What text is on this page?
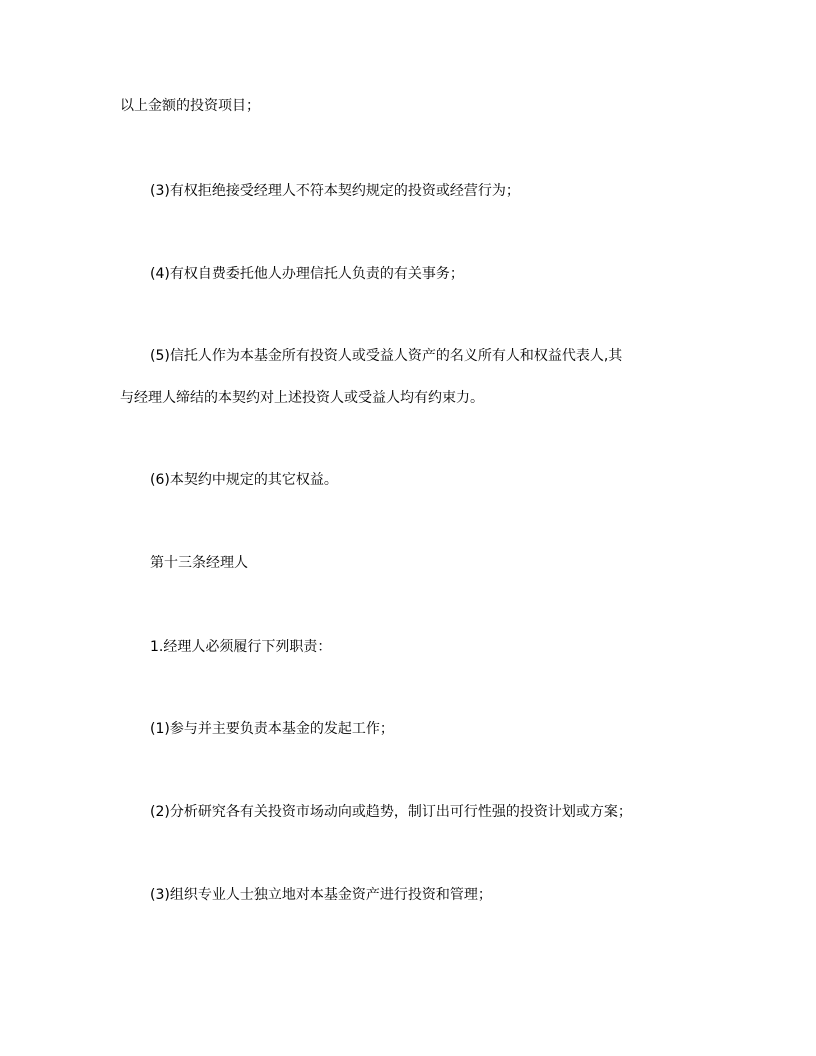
以上金额的投资项目；
(3)有权拒绝接受经理人不符本契约规定的投资或经营行为；
(4)有权自费委托他人办理信托人负责的有关事务；
(5)信托人作为本基金所有投资人或受益人资产的名义所有人和权益代表人,其
与经理人缔结的本契约对上述投资人或受益人均有约束力。
(6)本契约中规定的其它权益。
第十三条经理人
1.经理人必须履行下列职责：
(1)参与并主要负责本基金的发起工作；
(2)分析研究各有关投资市场动向或趋势，制订出可行性强的投资计划或方案；
(3)组织专业人士独立地对本基金资产进行投资和管理；
